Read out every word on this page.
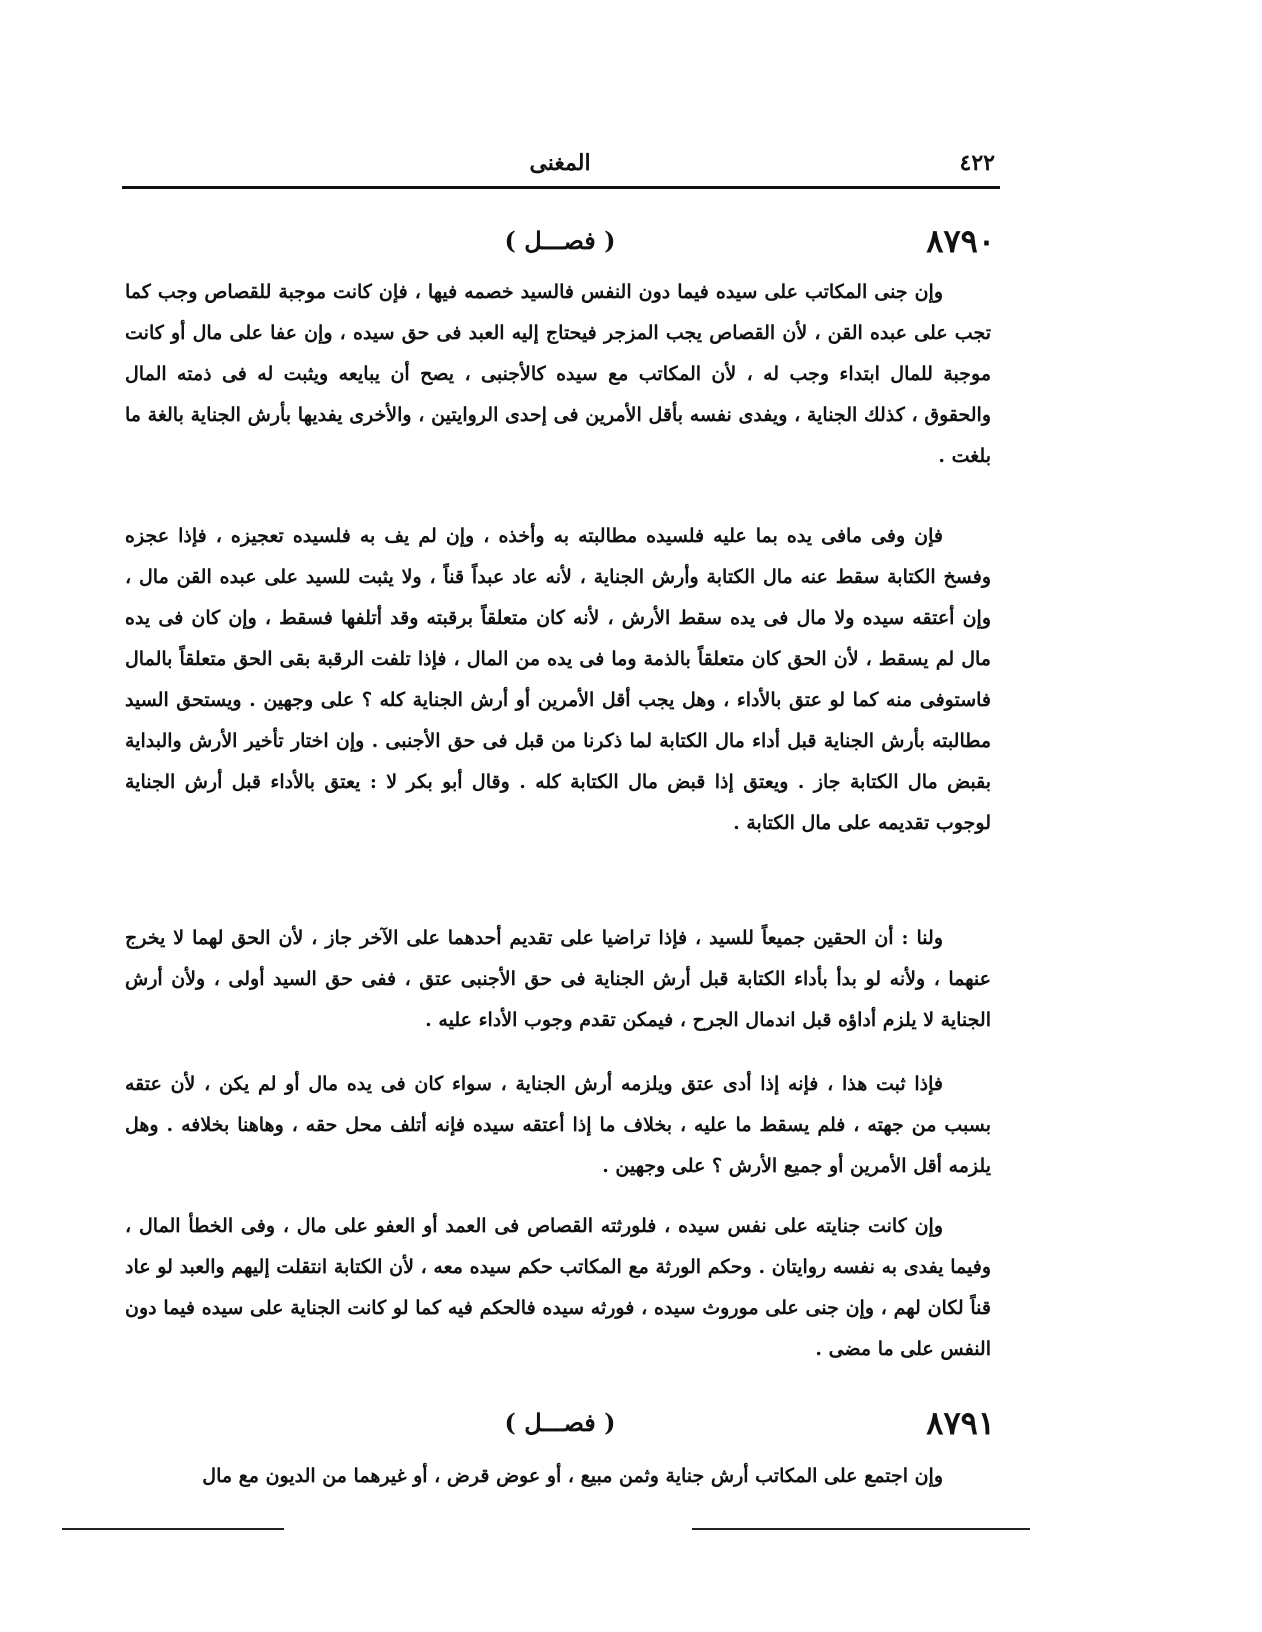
٤٢٢
المغنى
٨٧٩٠
( فصـــل )

وإن جنى المكاتب على سيده فيما دون النفس فالسيد خصمه فيها ، فإن كانت موجبة للقصاص وجب كما تجب على عبده القن ، لأن القصاص يجب المزجر فيحتاج إليه العبد فى حق سيده ، وإن عفا على مال أو كانت موجبة للمال ابتداء وجب له ، لأن المكاتب مع سيده كالأجنبى ، يصح أن يبايعه ويثبت له فى ذمته المال والحقوق ، كذلك الجناية ، ويفدى نفسه بأقل الأمرين فى إحدى الروايتين ، والأخرى يفديها بأرش الجناية بالغة ما بلغت .

فإن وفى مافى يده بما عليه فلسيده مطالبته به وأخذه ، وإن لم يف به فلسيده تعجيزه ، فإذا عجزه وفسخ الكتابة سقط عنه مال الكتابة وأرش الجناية ، لأنه عاد عبداً قناً ، ولا يثبت للسيد على عبده القن مال ، وإن أعتقه سيده ولا مال فى يده سقط الأرش ، لأنه كان متعلقاً برقبته وقد أتلفها فسقط ، وإن كان فى يده مال لم يسقط ، لأن الحق كان متعلقاً بالذمة وما فى يده من المال ، فإذا تلفت الرقبة بقى الحق متعلقاً بالمال فاستوفى منه كما لو عتق بالأداء ، وهل يجب أقل الأمرين أو أرش الجناية كله ؟ على وجهين . ويستحق السيد مطالبته بأرش الجناية قبل أداء مال الكتابة لما ذكرنا من قبل فى حق الأجنبى . وإن اختار تأخير الأرش والبداية بقبض مال الكتابة جاز . ويعتق إذا قبض مال الكتابة كله . وقال أبو بكر لا : يعتق بالأداء قبل أرش الجناية لوجوب تقديمه على مال الكتابة .

ولنا : أن الحقين جميعاً للسيد ، فإذا تراضيا على تقديم أحدهما على الآخر جاز ، لأن الحق لهما لا يخرج عنهما ، ولأنه لو بدأ بأداء الكتابة قبل أرش الجناية فى حق الأجنبى عتق ، ففى حق السيد أولى ، ولأن أرش الجناية لا يلزم أداؤه قبل اندمال الجرح ، فيمكن تقدم وجوب الأداء عليه .

فإذا ثبت هذا ، فإنه إذا أدى عتق ويلزمه أرش الجناية ، سواء كان فى يده مال أو لم يكن ، لأن عتقه بسبب من جهته ، فلم يسقط ما عليه ، بخلاف ما إذا أعتقه سيده فإنه أتلف محل حقه ، وهاهنا بخلافه . وهل يلزمه أقل الأمرين أو جميع الأرش ؟ على وجهين .

وإن كانت جنايته على نفس سيده ، فلورثته القصاص فى العمد أو العفو على مال ، وفى الخطأ المال ، وفيما يفدى به نفسه روايتان . وحكم الورثة مع المكاتب حكم سيده معه ، لأن الكتابة انتقلت إليهم والعبد لو عاد قناً لكان لهم ، وإن جنى على موروث سيده ، فورثه سيده فالحكم فيه كما لو كانت الجناية على سيده فيما دون النفس على ما مضى .

٨٧٩١
( فصـــل )

وإن اجتمع على المكاتب أرش جناية وثمن مبيع ، أو عوض قرض ، أو غيرهما من الديون مع مال
